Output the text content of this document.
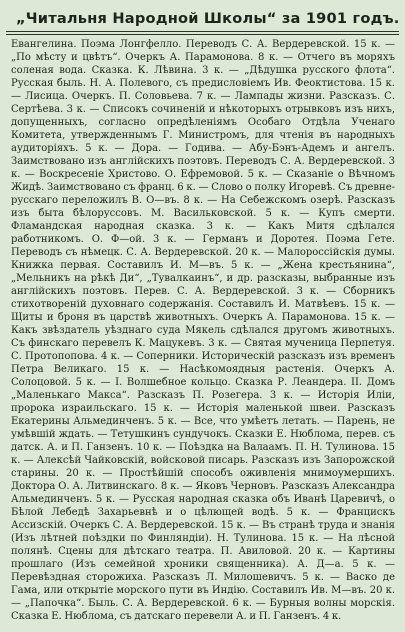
„Читальня Народной Школы“ за 1901 годъ.
Евангелина. Поэма Лонгфелло. Переводъ С. А. Вердеревской. 15 к. — „По мѣсту и цвѣтъ“. Очеркъ А. Парамонова. 8 к. — Отчего въ моряхъ соленая вода. Сказка. К. Лѣвина. 3 к. — „Дѣдушка русского флота“. Русская быль. Н. А. Полевого, съ предисловіемъ Ив. Феоктистова. 15 к. — Лисица. Очеркъ. П. Соловьева. 7 к. — Лампады жизни. Разсказъ. С. Сертѣева. 3 к. — Списокъ сочиненій и нѣкоторыхъ отрывковъ изъ нихъ, допущенныхъ, согласно опредѣленіямъ Особаго Отдѣла Ученаго Комитета, утвержденнымъ Г. Министромъ, для чтенія въ народныхъ аудиторіяхъ. 5 к. — Дора. — Годива. — Абу-Бэнъ-Адемъ и ангелъ. Заимствовано изъ англійскихъ поэтовъ. Переводъ С. А. Вердеревской. 3 к. — Воскресеніе Христово. О. Ефремовой. 5 к. — Сказаніе о Вѣчномъ Жидѣ. Заимствовано съ франц. 6 к. — Слово о полку Игоревѣ. Съ древне-русскаго переложилъ В. О—въ. 8 к. — На Себежскомъ озерѣ. Разсказъ изъ быта бѣлоруссовъ. М. Васильковской. 5 к. — Купъ смерти. Фламандская народная сказка. 3 к. — Какъ Митя сдѣлался работникомъ. О. Ф—ой. 3 к. — Германъ и Доротея. Поэма Гете. Переводъ съ нѣмецк. С. А. Вердеревской. 20 к. — Малороссійскія думы. Книжка первая. Составилъ И. М—въ. 5 к. — „Жена крестьянина“, „Мельникъ на рѣкѣ Ди“, „Тувалкаинъ“, и др. разсказы, выбранные изъ англійскихъ поэтовъ. Перев. С. А. Вердеревской. 3 к. — Сборникъ стихотвореній духовнаго содержанія. Составилъ И. Матвѣевъ. 15 к. — Щиты и броня въ царствѣ животныхъ. Очеркъ А. Парамонова. 15 к. — Какъ звѣздатель уѣзднаго суда Мякель сдѣлался другомъ животныхъ. Съ финскаго перевелъ К. Мацукевъ. 3 к. — Святая мученица Перпетуя. С. Протопопова. 4 к. — Соперники. Историческій разсказъ изъ временъ Петра Великаго. 15 к. — Насѣкомоядныя растенія. Очеркъ А. Солоцовой. 5 к. — I. Волшебное кольцо. Сказка Р. Леандера. II. Домъ „Маленькаго Макса“. Разсказъ П. Розегера. 3 к. — Исторія Иліи, пророка израильскаго. 15 к. — Исторія маленькой швеи. Разсказъ Екатерины Альмединченъ. 5 к. — Все, что умѣетъ летать. — Парень, не умѣвшій ждать. — Тетушкинъ сундучокъ. Сказки Е. Нюблома, перев. съ датск. А. и П. Ганзенъ. 10 к. — Поѣздка на Валаамъ. П. Н. Тулинова. 15 к. — Алексѣй Чайковскій, войсковой писарь. Разсказъ изъ Запорожской старины. 20 к. — Простѣйшій способъ оживленія мнимоумершихъ. Доктора О. А. Литвинскаго. 8 к. — Яковъ Черновъ. Разсказъ Александра Альмединченъ. 5 к. — Русская народная сказка объ Иванѣ Царевичѣ, о Бѣлой Лебедѣ Захарьевнѣ и о цѣлющей водѣ. 5 к. — Францискъ Ассизскій. Очеркъ С. А. Вердеревской. 15 к. — Въ странѣ труда и знанія (Изъ лѣтней поѣздки по Финляндіи). Н. Тулинова. 15 к. — На лѣсной полянѣ. Сцены для дѣтскаго театра. П. Авиловой. 20 к. — Картины прошлаго (Изъ семейной хроники священника). А. Д—а. 5 к. — Перевѣздная сторожиха. Разсказъ Л. Милошевичъ. 5 к. — Васко де Гама, или открытіе морского пути въ Индію. Составилъ Ив. М—въ. 20 к. — „Папочка“. Быль. С. А. Вердеревской. 6 к. — Бурныя волны морскія. Сказка Е. Нюблома, съ датскаго перевели А. и П. Ганзенъ. 4 к.
